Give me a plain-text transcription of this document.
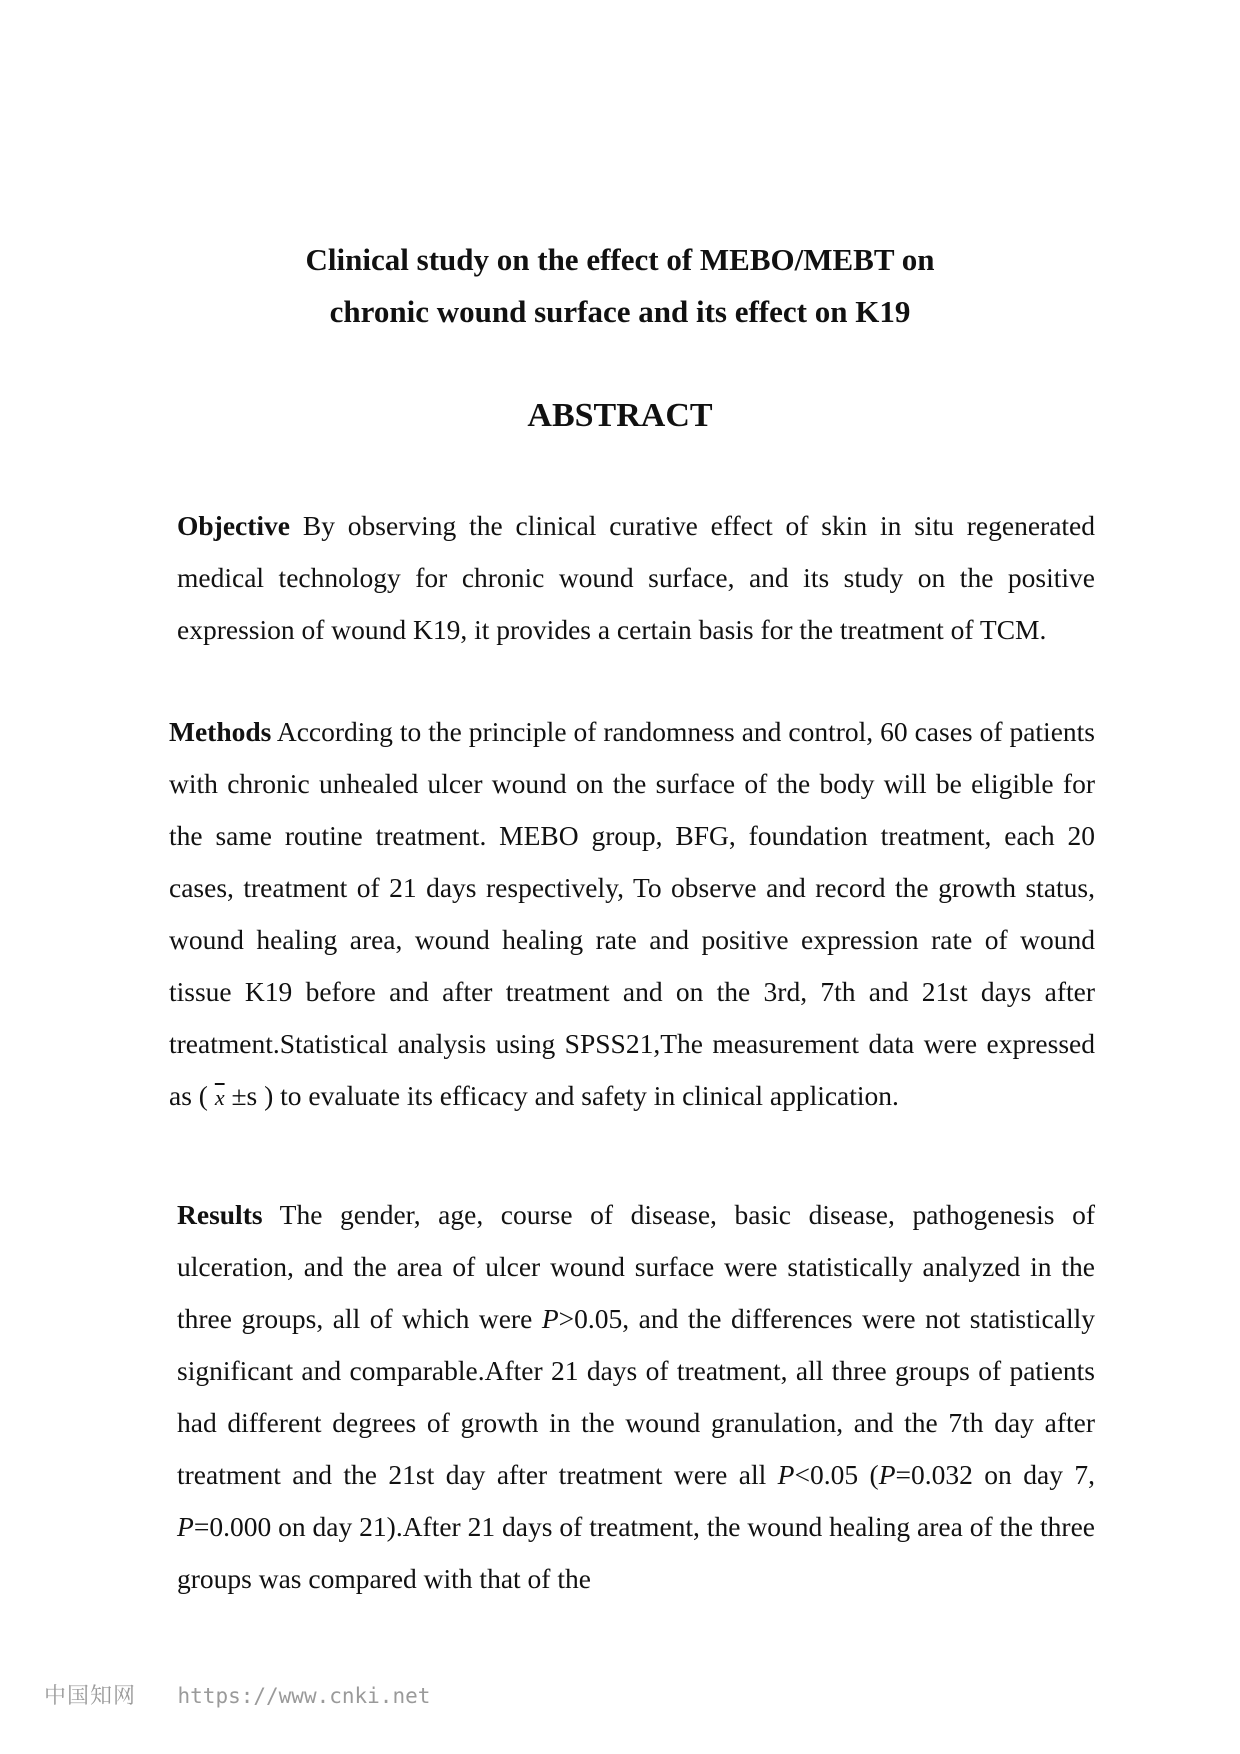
Clinical study on the effect of MEBO/MEBT on
chronic wound surface and its effect on K19
ABSTRACT

Objective By observing the clinical curative effect of skin in situ regenerated medical technology for chronic wound surface, and its study on the positive expression of wound K19, it provides a certain basis for the treatment of TCM.

Methods According to the principle of randomness and control, 60 cases of patients with chronic unhealed ulcer wound on the surface of the body will be eligible for the same routine treatment. MEBO group, BFG, foundation treatment, each 20 cases, treatment of 21 days respectively, To observe and record the growth status, wound healing area, wound healing rate and positive expression rate of wound tissue K19 before and after treatment and on the 3rd, 7th and 21st days after treatment.Statistical analysis using SPSS21,The measurement data were expressed as ( $\overline{x} \pm s$ ) to evaluate its efficacy and safety in clinical application.

Results The gender, age, course of disease, basic disease, pathogenesis of ulceration, and the area of ulcer wound surface were statistically analyzed in the three groups, all of which were P>0.05, and the differences were not statistically significant and comparable.After 21 days of treatment, all three groups of patients had different degrees of growth in the wound granulation, and the 7th day after treatment and the 21st day after treatment were all P<0.05 (P=0.032 on day 7, P=0.000 on day 21).After 21 days of treatment, the wound healing area of the three groups was compared with that of the

中国知网 https://www.cnki.net
